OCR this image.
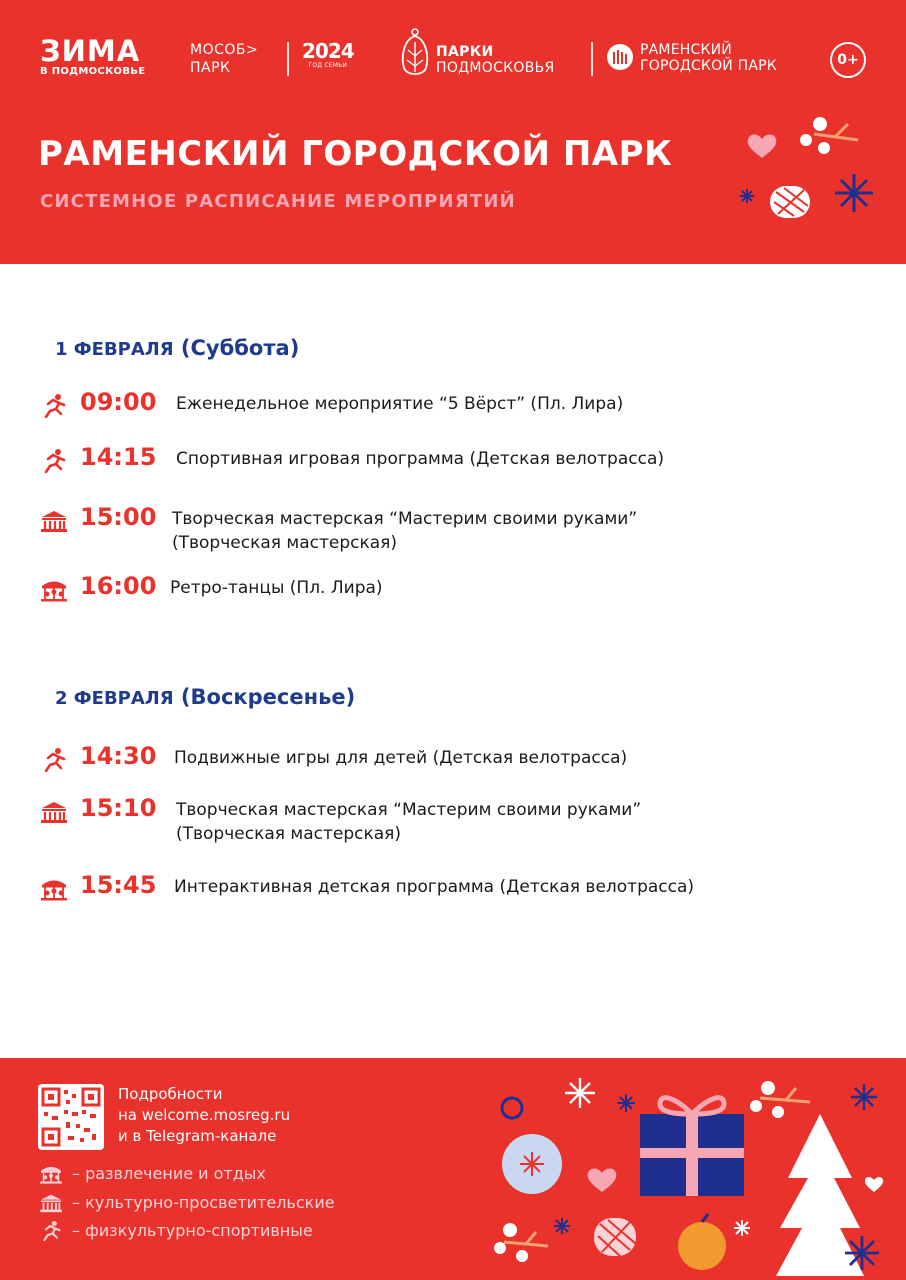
ЗИМА
В ПОДМОСКОВЬЕ
МОСОБ>
ПАРК
2024
ГОД СЕМЬИ
ПАРКИ
ПОДМОСКОВЬЯ
РАМЕНСКИЙ
ГОРОДСКОЙ ПАРК	0+
РАМЕНСКИЙ ГОРОДСКОЙ ПАРК
СИСТЕМНОЕ РАСПИСАНИЕ МЕРОПРИЯТИЙ
1 ФЕВРАЛЯ (Суббота)
09:00 Еженедельное мероприятие “5 Вёрст” (Пл. Лира)
14:15 Спортивная игровая программа (Детская велотрасса)
15:00 Творческая мастерская “Мастерим своими руками”
(Творческая мастерская)
16:00 Ретро-танцы (Пл. Лира)
2 ФЕВРАЛЯ (Воскресенье)
14:30 Подвижные игры для детей (Детская велотрасса)
15:10 Творческая мастерская “Мастерим своими руками”
(Творческая мастерская)
15:45 Интерактивная детская программа (Детская велотрасса)
Подробности
на welcome.mosreg.ru
и в Telegram-канале
– развлечение и отдых
– культурно-просветительские
– физкультурно-спортивные
